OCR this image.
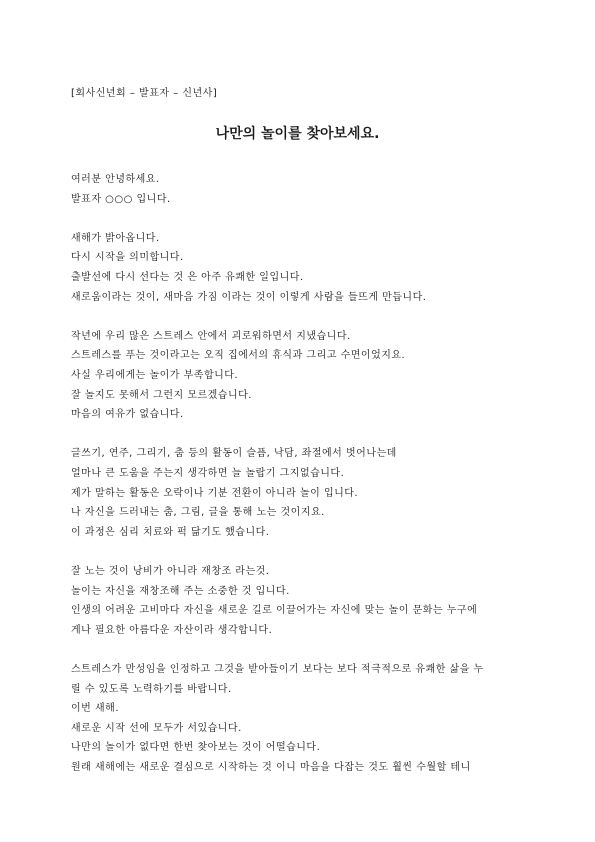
[회사신년회 – 발표자 – 신년사]
나만의 놀이를 찾아보세요.
여러분 안녕하세요.
발표자 ○○○ 입니다.
새해가 밝아옵니다.
다시 시작을 의미합니다.
출발선에 다시 선다는 것 은 아주 유쾌한 일입니다.
새로움이라는 것이, 새마음 가짐 이라는 것이 이렇게 사람을 들뜨게 만듭니다.
작년에 우리 많은 스트레스 안에서 괴로워하면서 지냈습니다.
스트레스를 푸는 것이라고는 오직 집에서의 휴식과 그리고 수면이었지요.
사실 우리에게는 놀이가 부족합니다.
잘 놀지도 못해서 그런지 모르겠습니다.
마음의 여유가 없습니다.
글쓰기, 연주, 그리기, 춤 등의 활동이 슬픔, 낙담, 좌절에서 벗어나는데
얼마나 큰 도움을 주는지 생각하면 늘 놀랍기 그지없습니다.
제가 말하는 활동은 오락이나 기분 전환이 아니라 놀이 입니다.
나 자신을 드러내는 춤, 그림, 글을 통해 노는 것이지요.
이 과정은 심리 치료와 퍽 닮기도 했습니다.
잘 노는 것이 낭비가 아니라 재창조 라는것.
놀이는 자신을 재창조해 주는 소중한 것 입니다.
인생의 어려운 고비마다 자신을 새로운 길로 이끌어가는 자신에 맞는 놀이 문화는 누구에
게나 필요한 아름다운 자산이라 생각합니다.
스트레스가 만성임을 인정하고 그것을 받아들이기 보다는 보다 적극적으로 유쾌한 삶을 누
릴 수 있도록 노력하기를 바랍니다.
이번 새해.
새로운 시작 선에 모두가 서있습니다.
나만의 놀이가 없다면 한번 찾아보는 것이 어떨습니다.
원래 새해에는 새로운 결심으로 시작하는 것 이니 마음을 다잡는 것도 훨씬 수월할 테니
